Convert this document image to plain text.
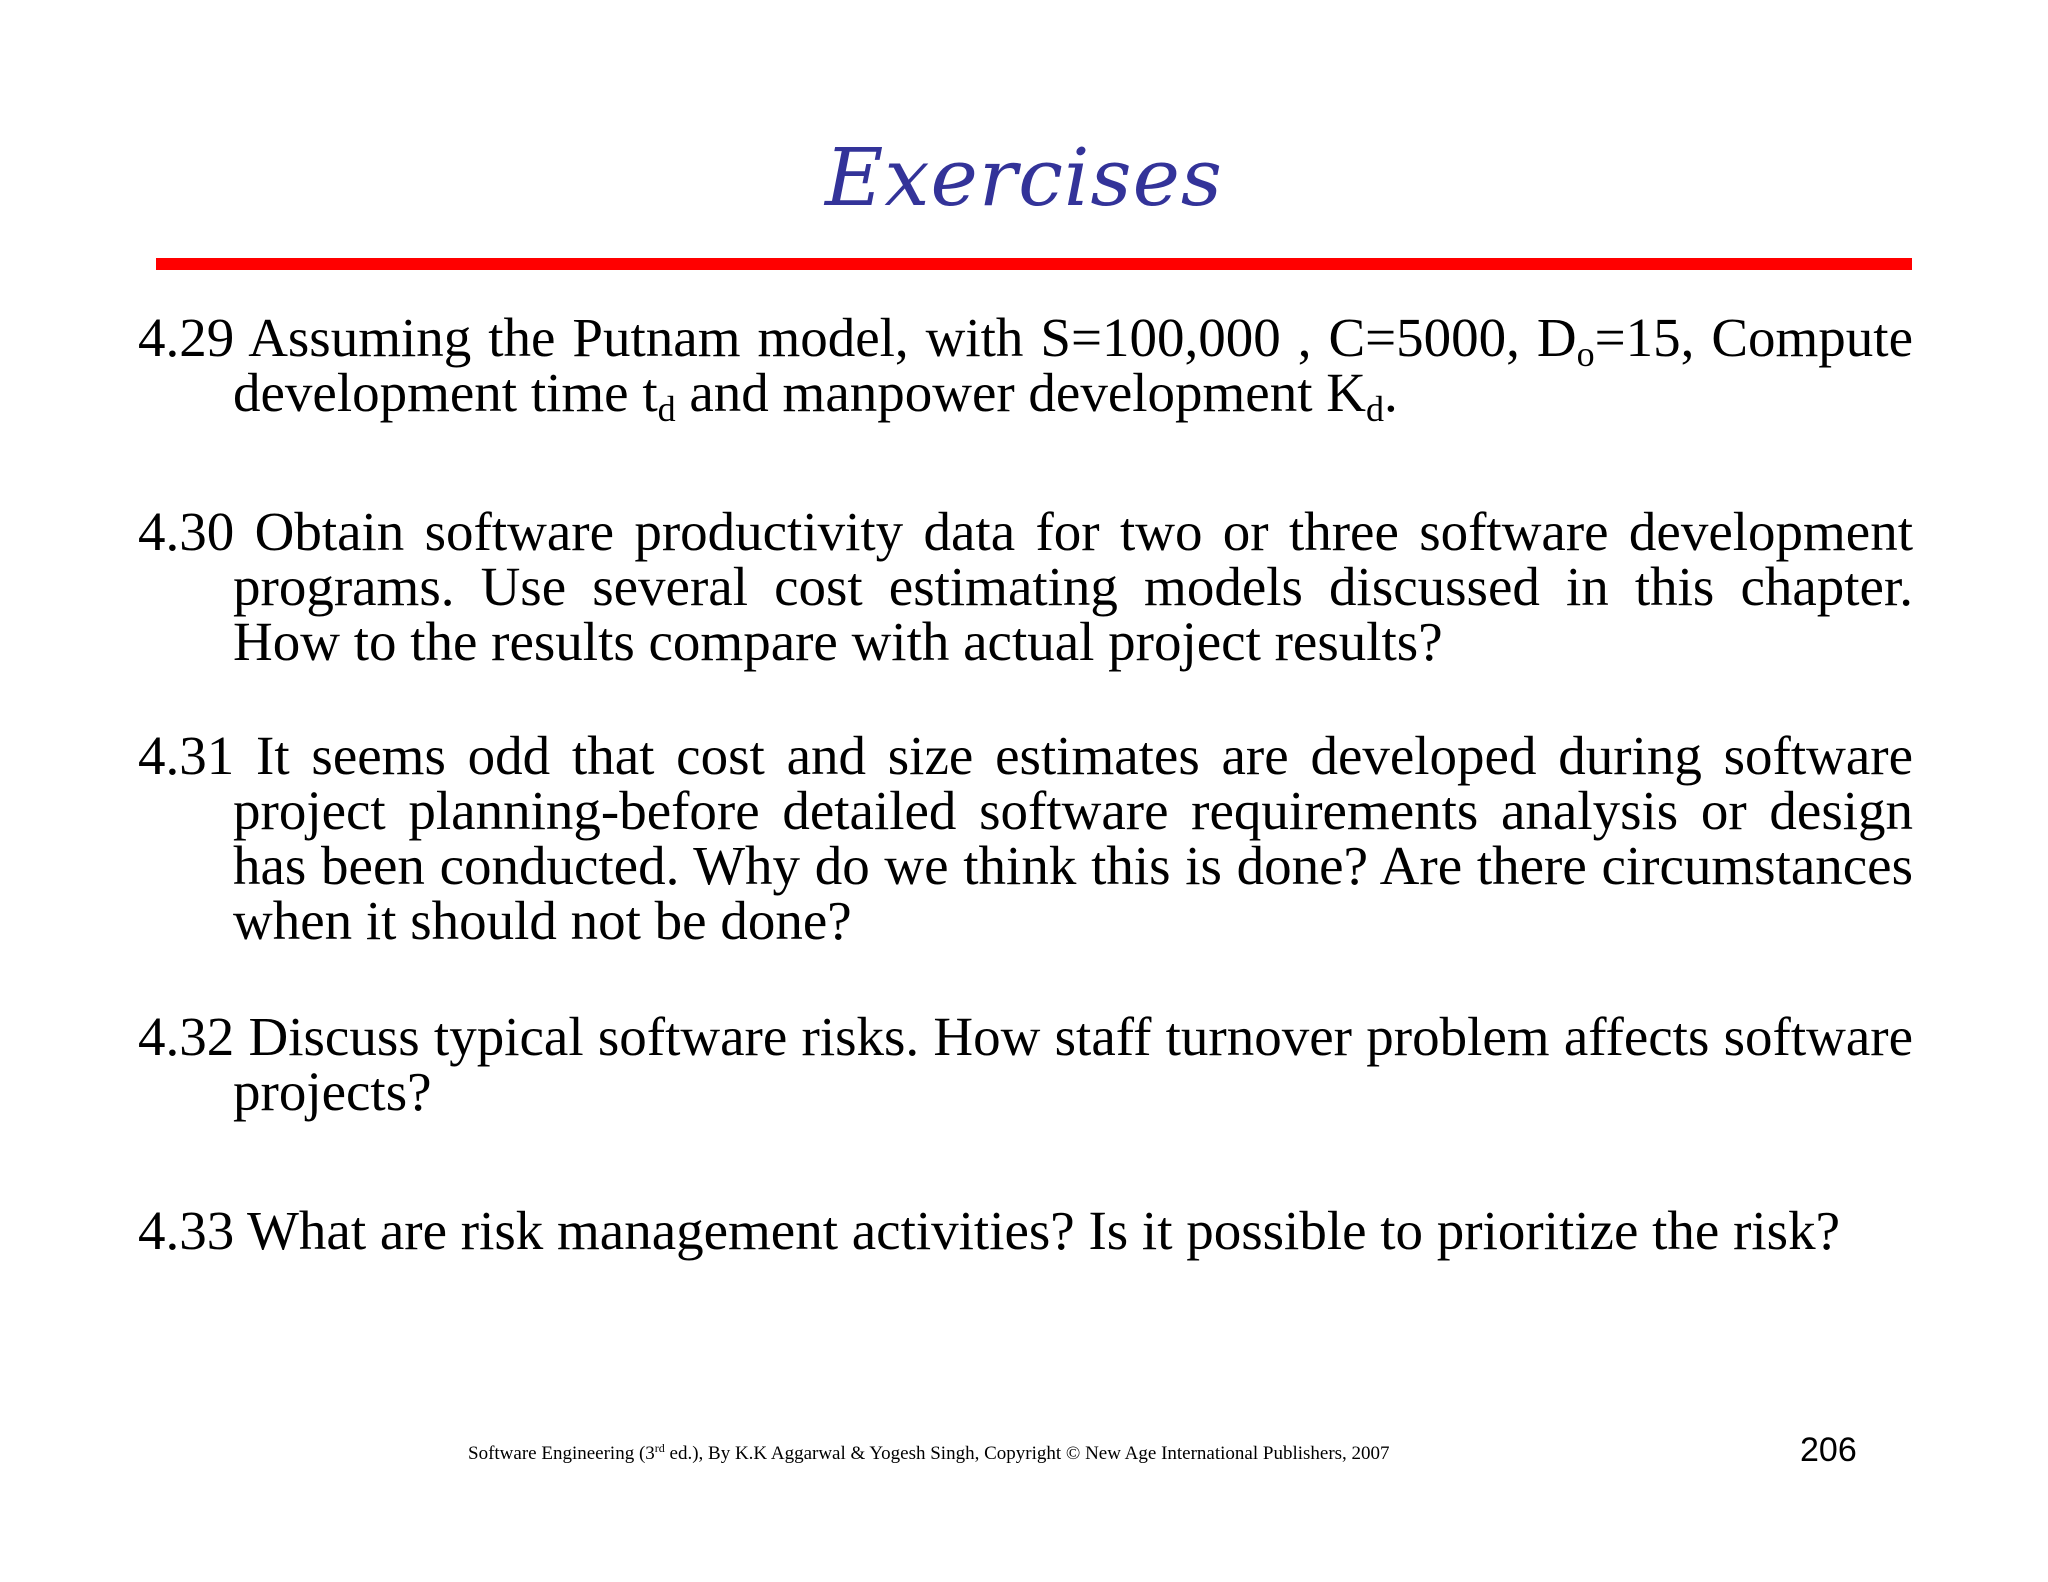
Exercises
4.29 Assuming the Putnam model, with S=100,000 , C=5000, $D_o=15$, Compute development time $t_d$ and manpower development $K_d$.
4.30 Obtain software productivity data for two or three software development programs. Use several cost estimating models discussed in this chapter. How to the results compare with actual project results?
4.31 It seems odd that cost and size estimates are developed during software project planning-before detailed software requirements analysis or design has been conducted. Why do we think this is done? Are there circumstances when it should not be done?
4.32 Discuss typical software risks. How staff turnover problem affects software projects?
4.33 What are risk management activities? Is it possible to prioritize the risk?
Software Engineering (3rd ed.), By K.K Aggarwal & Yogesh Singh, Copyright © New Age International Publishers, 2007	206
